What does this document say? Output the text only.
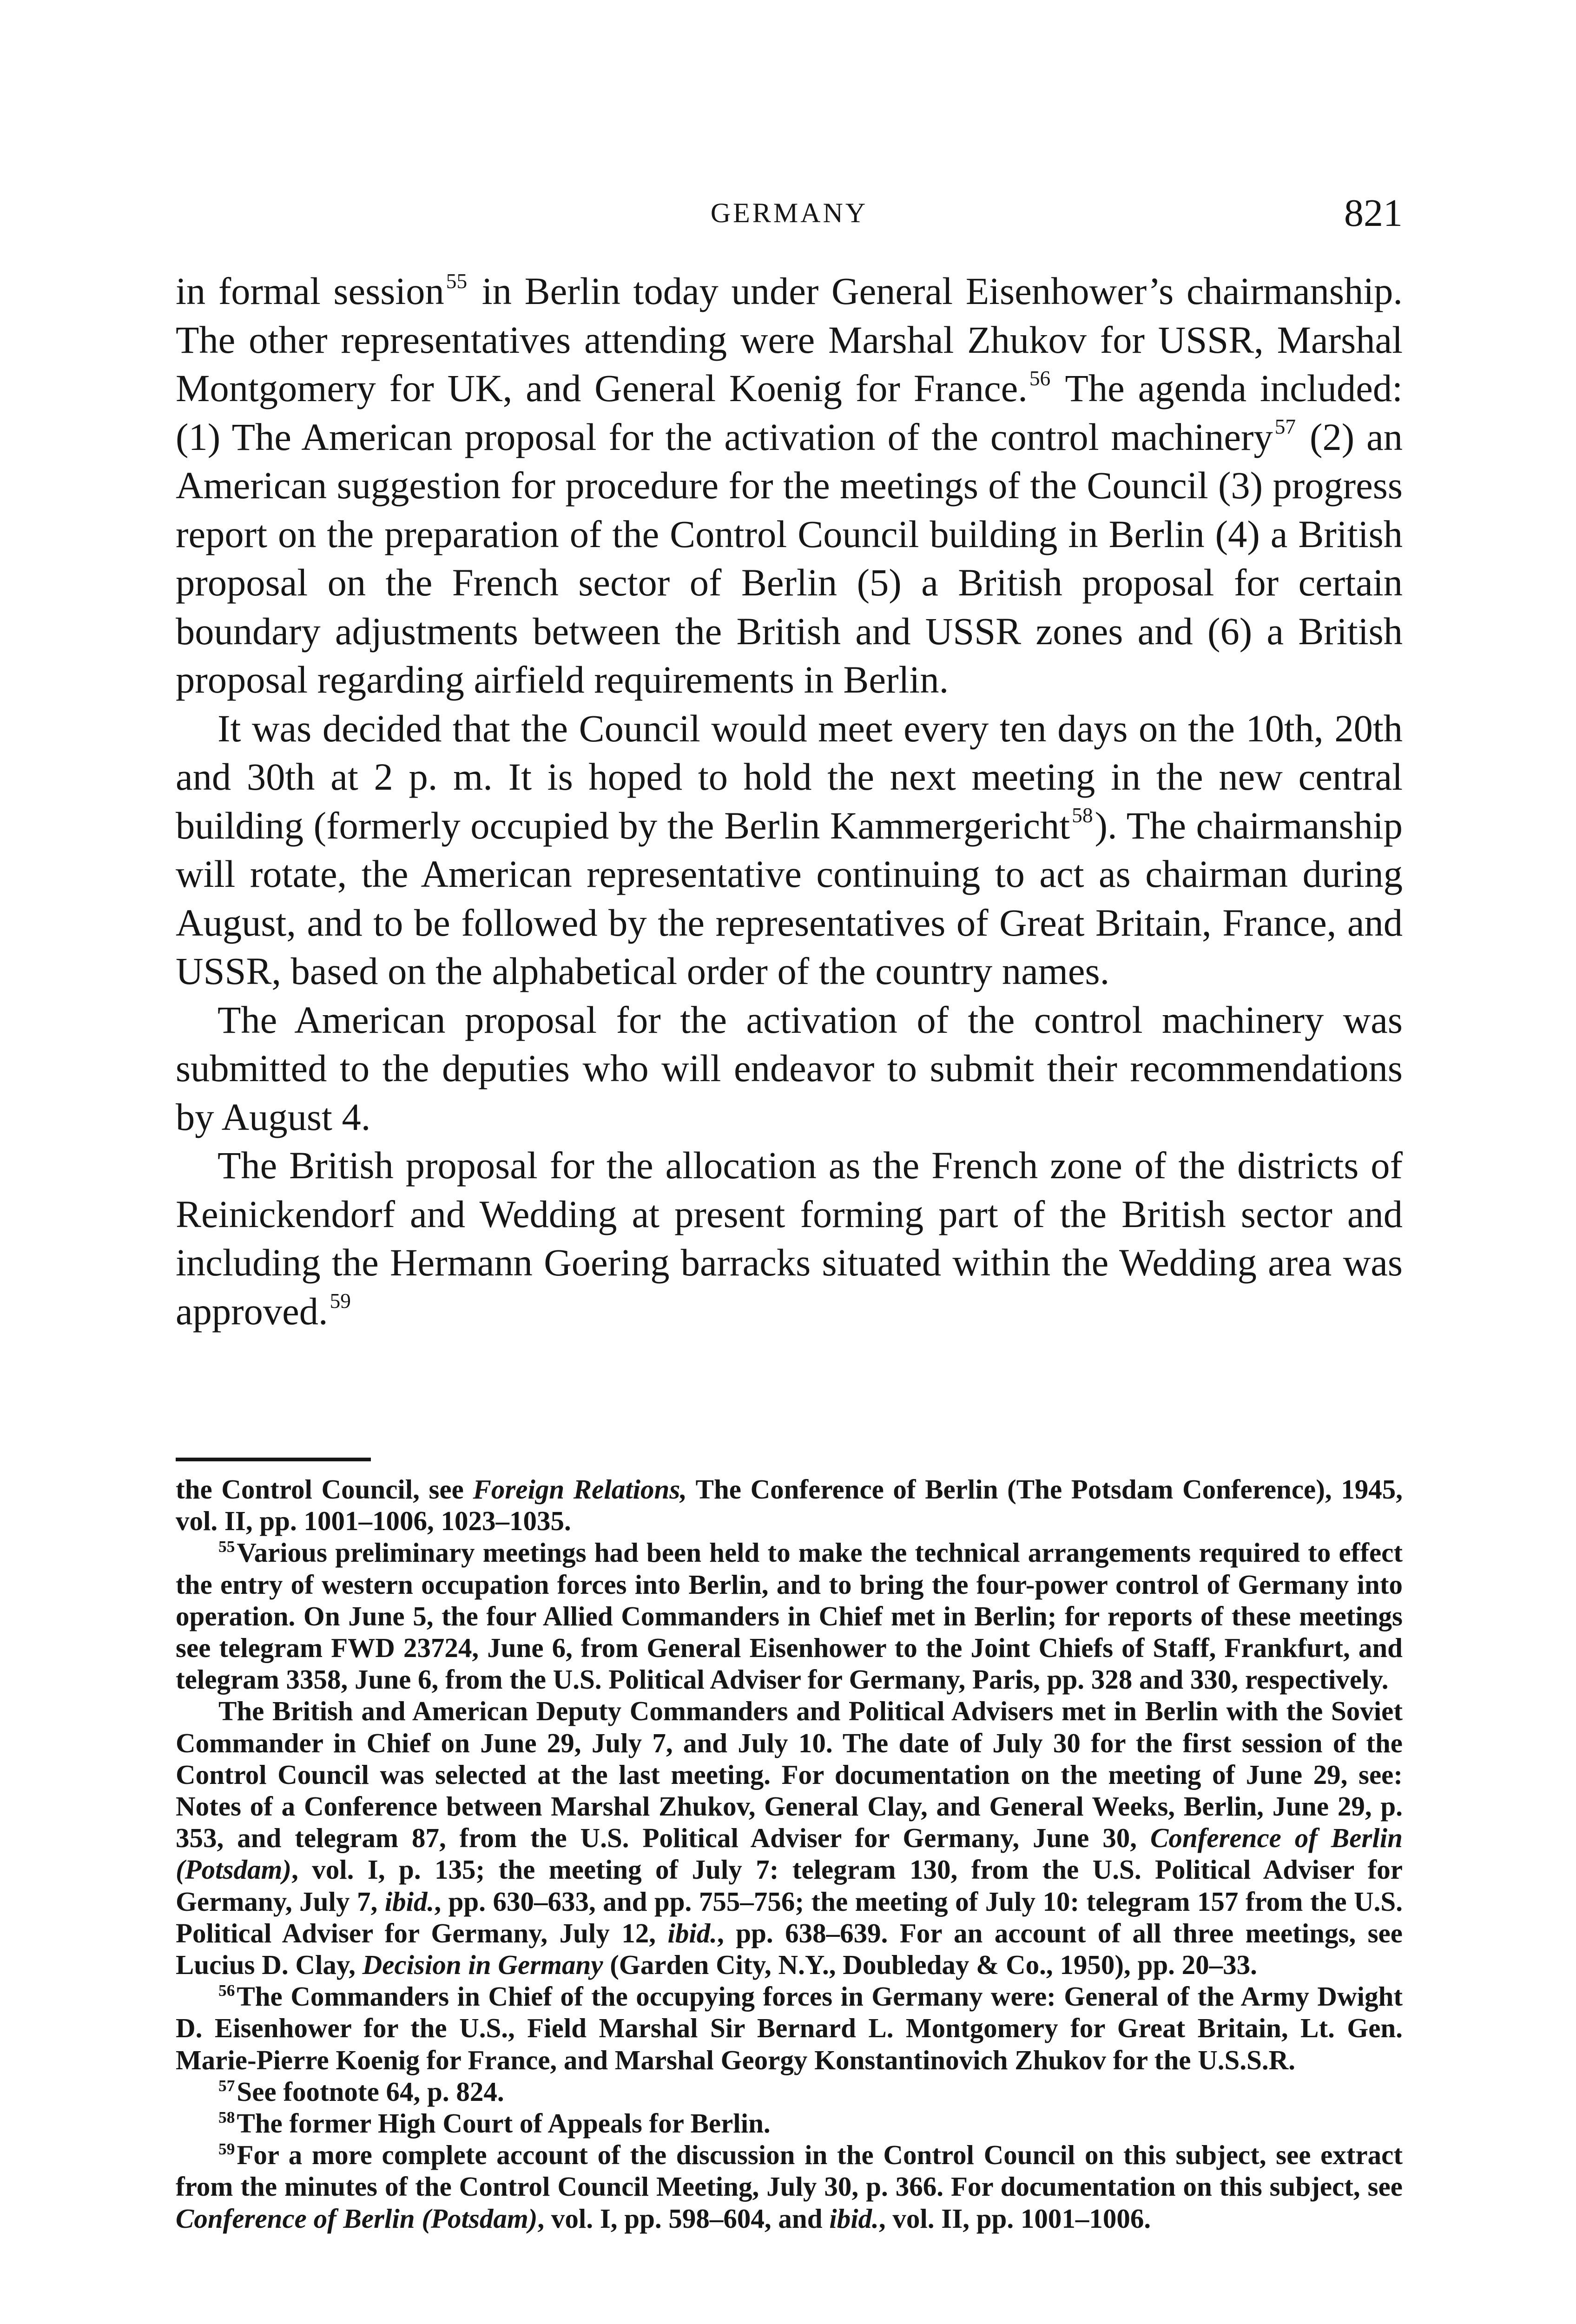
GERMANY	821

in formal session$^{55}$ in Berlin today under General Eisenhower’s chairmanship. The other representatives attending were Marshal Zhukov for USSR, Marshal Montgomery for UK, and General Koenig for France.$^{56}$ The agenda included: (1) The American proposal for the activation of the control machinery$^{57}$ (2) an American suggestion for procedure for the meetings of the Council (3) progress report on the preparation of the Control Council building in Berlin (4) a British proposal on the French sector of Berlin (5) a British proposal for certain boundary adjustments between the British and USSR zones and (6) a British proposal regarding airfield requirements in Berlin.

It was decided that the Council would meet every ten days on the 10th, 20th and 30th at 2 p. m. It is hoped to hold the next meeting in the new central building (formerly occupied by the Berlin Kammergericht$^{58}$). The chairmanship will rotate, the American representative continuing to act as chairman during August, and to be followed by the representatives of Great Britain, France, and USSR, based on the alphabetical order of the country names.

The American proposal for the activation of the control machinery was submitted to the deputies who will endeavor to submit their recommendations by August 4.

The British proposal for the allocation as the French zone of the districts of Reinickendorf and Wedding at present forming part of the British sector and including the Hermann Goering barracks situated within the Wedding area was approved.$^{59}$

the Control Council, see Foreign Relations, The Conference of Berlin (The Potsdam Conference), 1945, vol. II, pp. 1001–1006, 1023–1035.

$^{55}$Various preliminary meetings had been held to make the technical arrangements required to effect the entry of western occupation forces into Berlin, and to bring the four-power control of Germany into operation. On June 5, the four Allied Commanders in Chief met in Berlin; for reports of these meetings see telegram FWD 23724, June 6, from General Eisenhower to the Joint Chiefs of Staff, Frankfurt, and telegram 3358, June 6, from the U.S. Political Adviser for Germany, Paris, pp. 328 and 330, respectively.

The British and American Deputy Commanders and Political Advisers met in Berlin with the Soviet Commander in Chief on June 29, July 7, and July 10. The date of July 30 for the first session of the Control Council was selected at the last meeting. For documentation on the meeting of June 29, see: Notes of a Conference between Marshal Zhukov, General Clay, and General Weeks, Berlin, June 29, p. 353, and telegram 87, from the U.S. Political Adviser for Germany, June 30, Conference of Berlin (Potsdam), vol. I, p. 135; the meeting of July 7: telegram 130, from the U.S. Political Adviser for Germany, July 7, ibid., pp. 630–633, and pp. 755–756; the meeting of July 10: telegram 157 from the U.S. Political Adviser for Germany, July 12, ibid., pp. 638–639. For an account of all three meetings, see Lucius D. Clay, Decision in Germany (Garden City, N.Y., Doubleday & Co., 1950), pp. 20–33.

$^{56}$The Commanders in Chief of the occupying forces in Germany were: General of the Army Dwight D. Eisenhower for the U.S., Field Marshal Sir Bernard L. Montgomery for Great Britain, Lt. Gen. Marie-Pierre Koenig for France, and Marshal Georgy Konstantinovich Zhukov for the U.S.S.R.

$^{57}$See footnote 64, p. 824.

$^{58}$The former High Court of Appeals for Berlin.

$^{59}$For a more complete account of the discussion in the Control Council on this subject, see extract from the minutes of the Control Council Meeting, July 30, p. 366. For documentation on this subject, see Conference of Berlin (Potsdam), vol. I, pp. 598–604, and ibid., vol. II, pp. 1001–1006.
